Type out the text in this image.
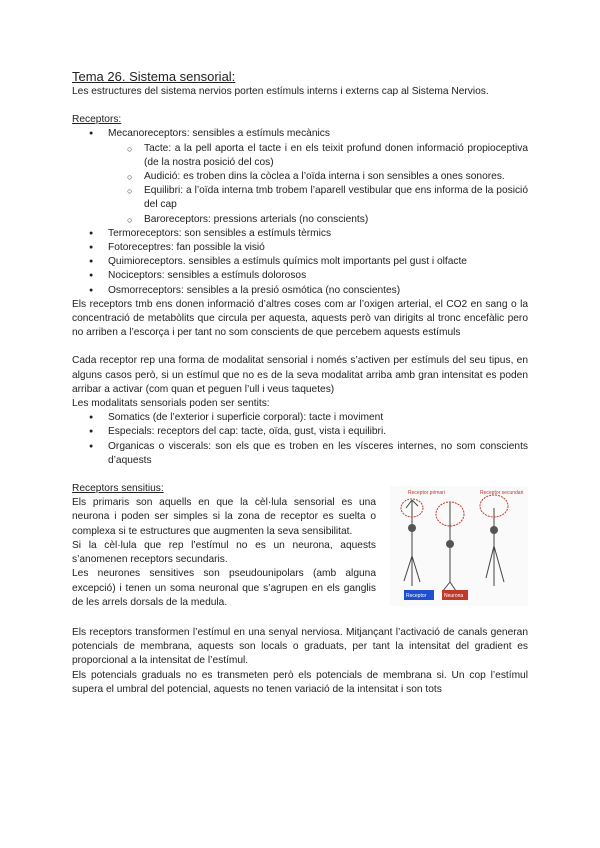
Tema 26. Sistema sensorial:

Les estructures del sistema nervios porten estímuls interns i externs cap al Sistema Nervios.

Receptors:
● Mecanoreceptors: sensibles a estímuls mecànics

○ Tacte: a la pell aporta el tacte i en els teixit profund donen informació propioceptiva (de la nostra posició del cos)

○ Audició: es troben dins la còclea a l’oïda interna i son sensibles a ones sonores.

○ Equilibri: a l’oïda interna tmb trobem l’aparell vestibular que ens informa de la posició del cap

○ Baroreceptors: pressions arterials (no conscients)

● Termoreceptors: son sensibles a estímuls tèrmics
● Fotoreceptres: fan possible la visió
● Quimioreceptors. sensibles a estímuls químics molt importants pel gust i olfacte
● Nociceptors: sensibles a estímuls dolorosos
● Osmorreceptors: sensibles a la presió osmótica (no conscientes)

Els receptors tmb ens donen informació d’altres coses com ar l’oxigen arterial, el CO2 en sang o la concentració de metabòlits que circula per aquesta, aquests però van dirigits al tronc encefàlic pero no arriben a l’escorça i per tant no som conscients de que percebem aquests estímuls

Cada receptor rep una forma de modalitat sensorial i només s’activen per estímuls del seu tipus, en alguns casos però, si un estímul que no es de la seva modalitat arriba amb gran intensitat es poden arribar a activar (com quan et peguen l’ull i veus taquetes)

Les modalitats sensorials poden ser sentits:

● Somatics (de l’exterior i superficie corporal): tacte i moviment

● Especials: receptors del cap: tacte, oïda, gust, vista i equilibri.

● Organicas o viscerals: son els que es troben en les vísceres internes, no som conscients d’aquests

Receptor primari	Receptor secundari
Receptor	Neurona
Receptors sensitius:

Els primaris son aquells en que la cèl·lula sensorial es una neurona i poden ser simples si la zona de receptor es suelta o complexa si te estructures que augmenten la seva sensibilitat.

Si la cèl·lula que rep l’estímul no es un neurona, aquests s’anomenen receptors secundaris.

Les neurones sensitives son pseudounipolars (amb alguna excepció) i tenen un soma neuronal que s’agrupen en els ganglis de les arrels dorsals de la medula.

Els receptors transformen l’estímul en una senyal nerviosa. Mitjançant l’activació de canals generan potencials de membrana, aquests son locals o graduats, per tant la intensitat del gradient es proporcional a la intensitat de l’estímul.

Els potencials graduals no es transmeten però els potencials de membrana si. Un cop l’estímul supera el umbral del potencial, aquests no tenen variació de la intensitat i son tots
